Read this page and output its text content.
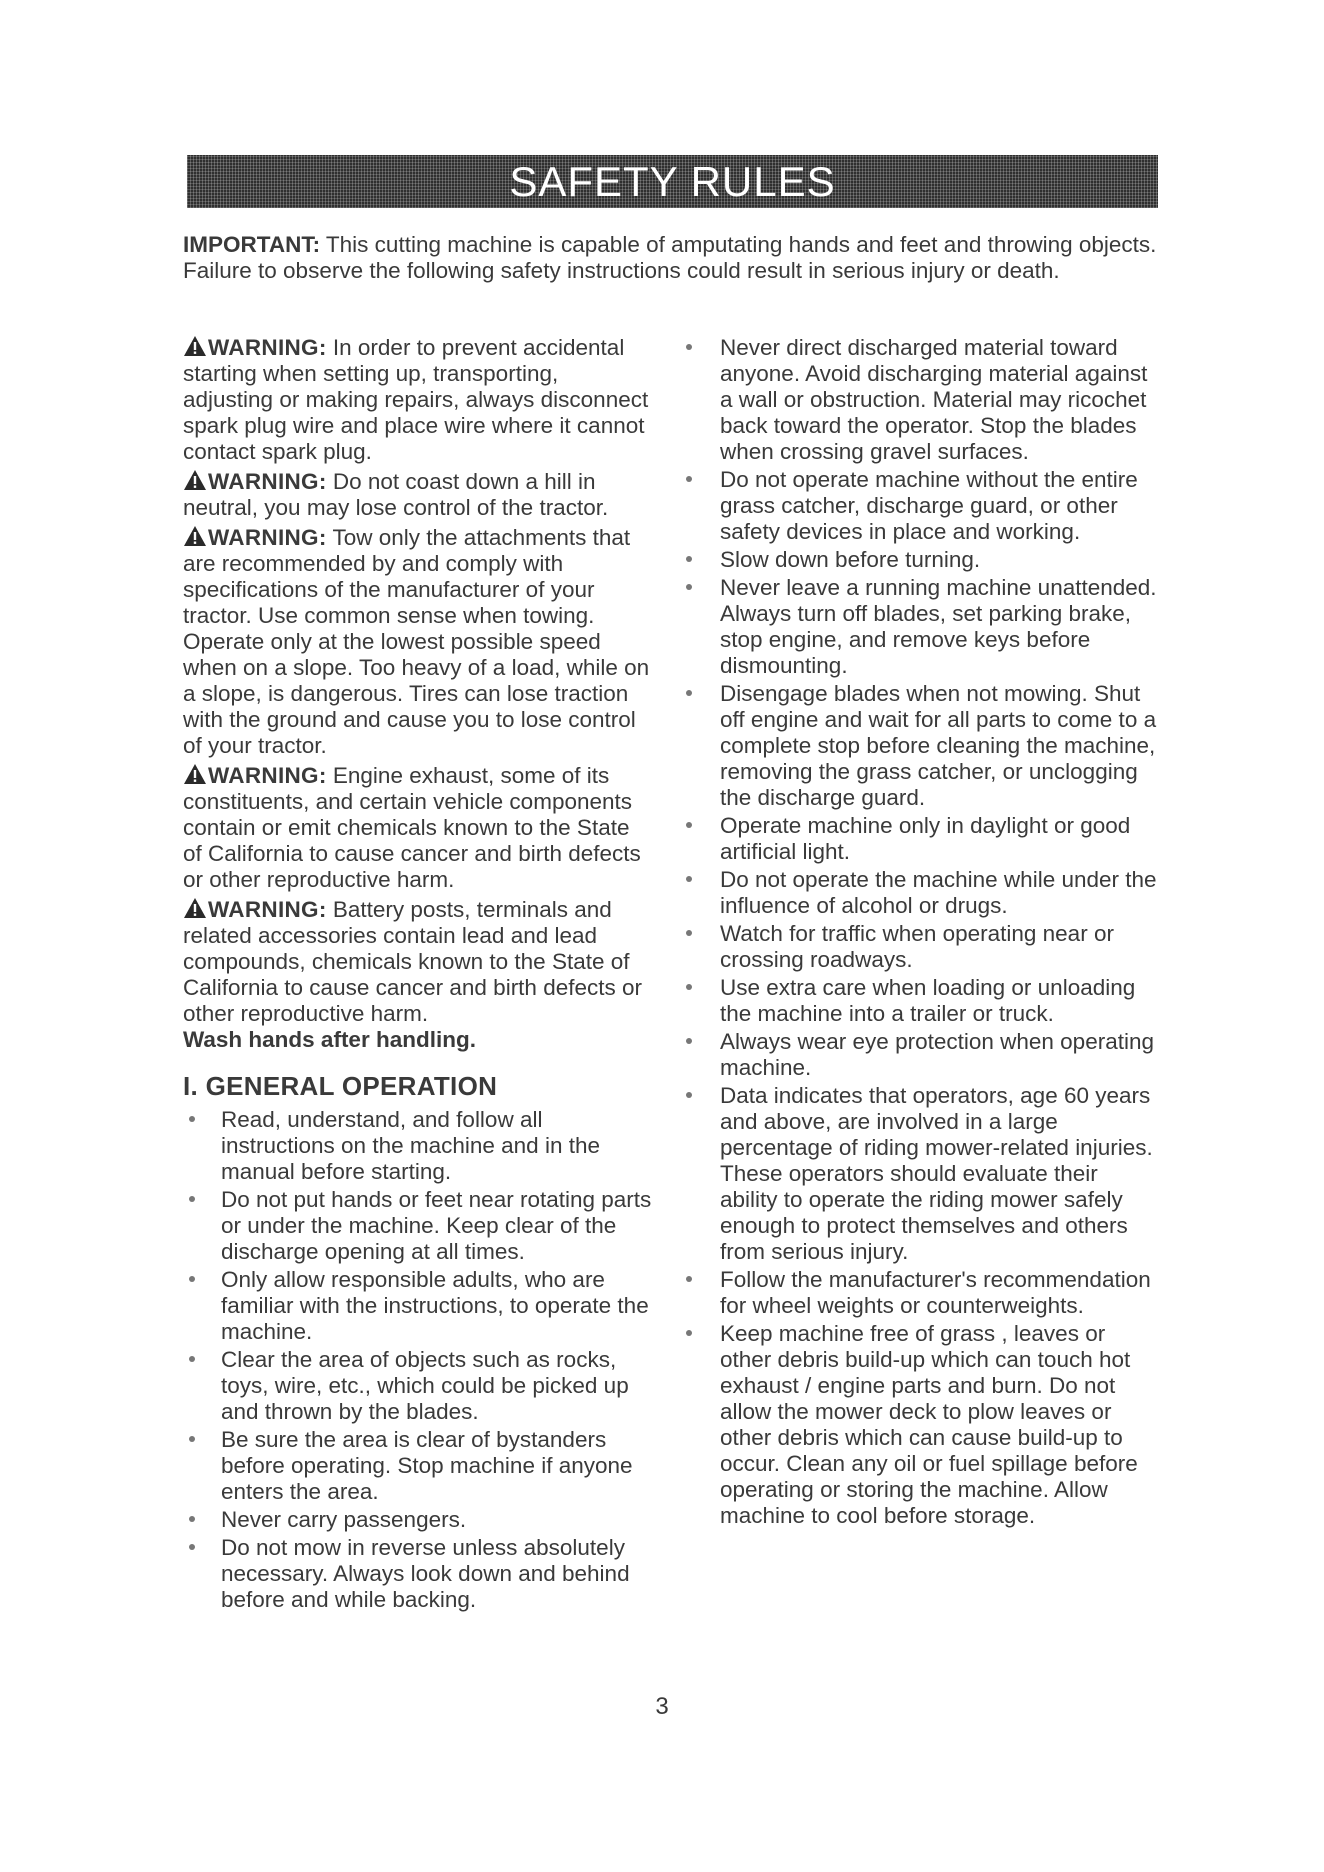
SAFETY RULES

IMPORTANT: This cutting machine is capable of amputating hands and feet and throwing objects. Failure to observe the following safety instructions could result in serious injury or death.

WARNING: In order to prevent accidental starting when setting up, transporting, adjusting or making repairs, always disconnect spark plug wire and place wire where it cannot contact spark plug.

WARNING: Do not coast down a hill in neutral, you may lose control of the tractor.

WARNING: Tow only the attachments that are recommended by and comply with specifications of the manufacturer of your tractor. Use common sense when towing. Operate only at the lowest possible speed when on a slope. Too heavy of a load, while on a slope, is dangerous. Tires can lose traction with the ground and cause you to lose control of your tractor.

WARNING: Engine exhaust, some of its constituents, and certain vehicle components contain or emit chemicals known to the State of California to cause cancer and birth defects or other reproductive harm.

WARNING: Battery posts, terminals and related accessories contain lead and lead compounds, chemicals known to the State of California to cause cancer and birth defects or other reproductive harm.
Wash hands after handling.

I. GENERAL OPERATION
Read, understand, and follow all instructions on the machine and in the manual before starting.
Do not put hands or feet near rotating parts or under the machine. Keep clear of the discharge opening at all times.
Only allow responsible adults, who are familiar with the instructions, to operate the machine.
Clear the area of objects such as rocks, toys, wire, etc., which could be picked up and thrown by the blades.
Be sure the area is clear of bystanders before operating. Stop machine if anyone enters the area.
Never carry passengers.
Do not mow in reverse unless absolutely necessary. Always look down and behind before and while backing.
Never direct discharged material toward anyone. Avoid discharging material against a wall or obstruction. Material may ricochet back toward the operator. Stop the blades when crossing gravel surfaces.
Do not operate machine without the entire grass catcher, discharge guard, or other safety devices in place and working.
Slow down before turning.
Never leave a running machine unattended. Always turn off blades, set parking brake, stop engine, and remove keys before dismounting.
Disengage blades when not mowing. Shut off engine and wait for all parts to come to a complete stop before cleaning the machine, removing the grass catcher, or unclogging the discharge guard.
Operate machine only in daylight or good artificial light.
Do not operate the machine while under the influence of alcohol or drugs.
Watch for traffic when operating near or crossing roadways.
Use extra care when loading or unloading the machine into a trailer or truck.
Always wear eye protection when operating machine.
Data indicates that operators, age 60 years and above, are involved in a large percentage of riding mower-related injuries. These operators should evaluate their ability to operate the riding mower safely enough to protect themselves and others from serious injury.
Follow the manufacturer's recommendation for wheel weights or counterweights.
Keep machine free of grass , leaves or other debris build-up which can touch hot exhaust / engine parts and burn. Do not allow the mower deck to plow leaves or other debris which can cause build-up to occur. Clean any oil or fuel spillage before operating or storing the machine. Allow machine to cool before storage.
3
